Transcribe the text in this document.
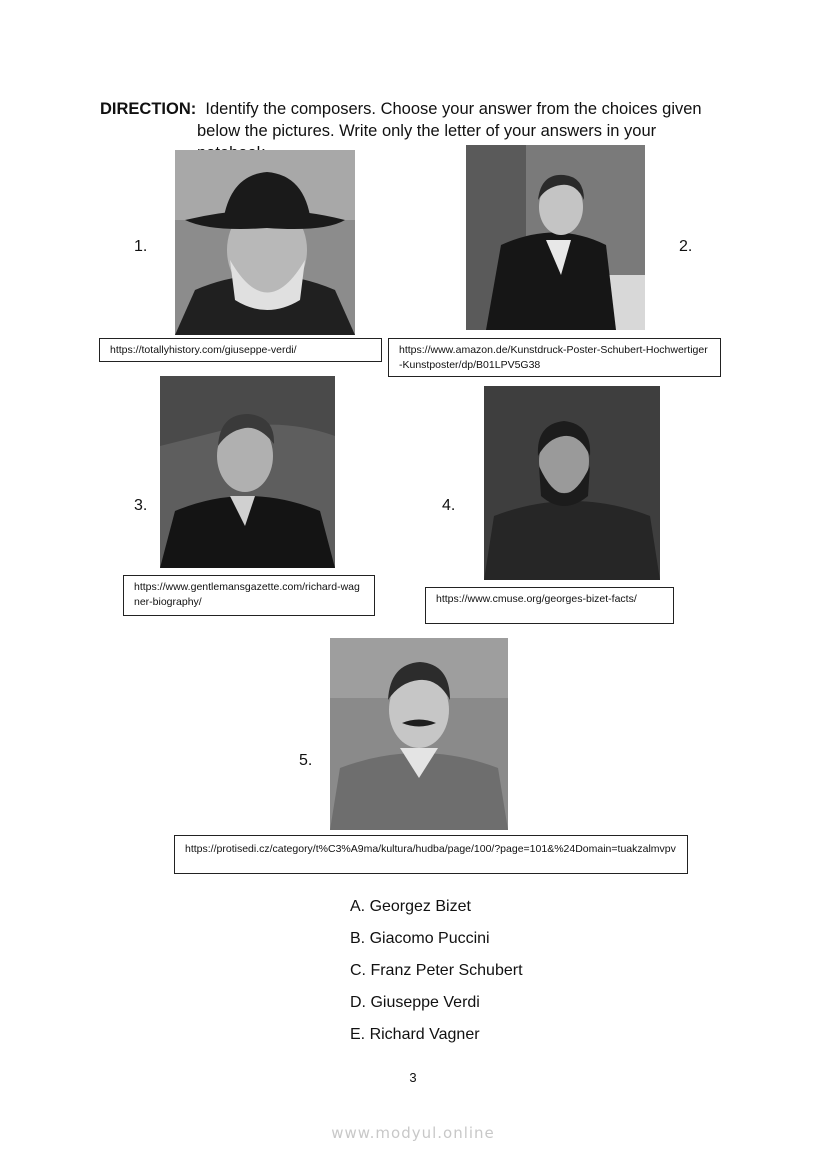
DIRECTION: Identify the composers. Choose your answer from the choices given
below the pictures. Write only the letter of your answers in your
1.
https://totallyhistory.com/giuseppe-verdi/
2.
https://www.amazon.de/Kunstdruck-Poster-Schubert-Hochwertiger-Kunstposter/dp/B01LPV5G38
3.
https://www.gentlemansgazette.com/richard-wagner-biography/
4.
https://www.cmuse.org/georges-bizet-facts/
5.
https://protisedi.cz/category/t%C3%A9ma/kultura/hudba/page/100/?page=101&%24Domain=tuakzalmvpv
A. Georgez Bizet
B. Giacomo Puccini
C. Franz Peter Schubert
D. Giuseppe Verdi
E. Richard Vagner
3
www.modyul.online
